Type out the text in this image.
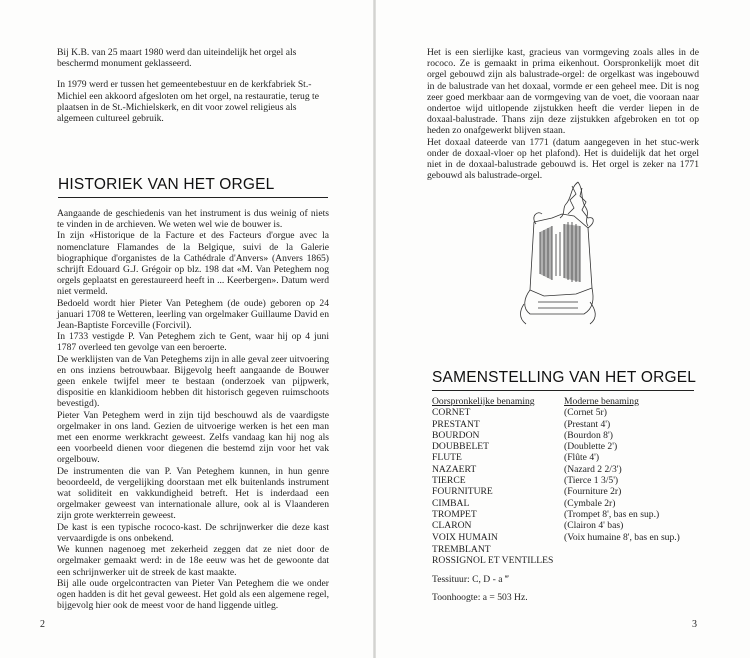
Bij K.B. van 25 maart 1980 werd dan uiteindelijk het orgel als beschermd monument geklasseerd.

In 1979 werd er tussen het gemeentebestuur en de kerkfabriek St.-Michiel een akkoord afgesloten om het orgel, na restauratie, terug te plaatsen in de St.-Michielskerk, en dit voor zowel religieus als algemeen cultureel gebruik.

HISTORIEK VAN HET ORGEL

Aangaande de geschiedenis van het instrument is dus weinig of niets te vinden in de archieven. We weten wel wie de bouwer is.

In zijn «Historique de la Facture et des Facteurs d'orgue avec la nomenclature Flamandes de la Belgique, suivi de la Galerie biographique d'organistes de la Cathédrale d'Anvers» (Anvers 1865) schrijft Edouard G.J. Grégoir op blz. 198 dat «M. Van Peteghem nog orgels geplaatst en gerestaureerd heeft in ... Keerbergen». Datum werd niet vermeld.

Bedoeld wordt hier Pieter Van Peteghem (de oude) geboren op 24 januari 1708 te Wetteren, leerling van orgelmaker Guillaume David en Jean-Baptiste Forceville (Forcivil).

In 1733 vestigde P. Van Peteghem zich te Gent, waar hij op 4 juni 1787 overleed ten gevolge van een beroerte.

De werklijsten van de Van Peteghems zijn in alle geval zeer uitvoering en ons inziens betrouwbaar. Bijgevolg heeft aangaande de Bouwer geen enkele twijfel meer te bestaan (onderzoek van pijpwerk, dispositie en klankidioom hebben dit historisch gegeven ruimschoots bevestigd).

Pieter Van Peteghem werd in zijn tijd beschouwd als de vaardigste orgelmaker in ons land. Gezien de uitvoerige werken is het een man met een enorme werkkracht geweest. Zelfs vandaag kan hij nog als een voorbeeld dienen voor diegenen die bestemd zijn voor het vak orgelbouw.

De instrumenten die van P. Van Peteghem kunnen, in hun genre beoordeeld, de vergelijking doorstaan met elk buitenlands instrument wat soliditeit en vakkundigheid betreft. Het is inderdaad een orgelmaker geweest van internationale allure, ook al is Vlaanderen zijn grote werkterrein geweest.

De kast is een typische rococo-kast. De schrijnwerker die deze kast vervaardigde is ons onbekend.

We kunnen nagenoeg met zekerheid zeggen dat ze niet door de orgelmaker gemaakt werd: in de 18e eeuw was het de gewoonte dat een schrijnwerker uit de streek de kast maakte.

Bij alle oude orgelcontracten van Pieter Van Peteghem die we onder ogen hadden is dit het geval geweest. Het gold als een algemene regel, bijgevolg hier ook de meest voor de hand liggende uitleg.

2

Het is een sierlijke kast, gracieus van vormgeving zoals alles in de rococo. Ze is gemaakt in prima eikenhout. Oorspronkelijk moet dit orgel gebouwd zijn als balustrade-orgel: de orgelkast was ingebouwd in de balustrade van het doxaal, vormde er een geheel mee. Dit is nog zeer goed merkbaar aan de vormgeving van de voet, die vooraan naar ondertoe wijd uitlopende zijstukken heeft die verder liepen in de doxaal-balustrade. Thans zijn deze zijstukken afgebroken en tot op heden zo onafgewerkt blijven staan.

Het doxaal dateerde van 1771 (datum aangegeven in het stuc-werk onder de doxaal-vloer op het plafond). Het is duidelijk dat het orgel niet in de doxaal-balustrade gebouwd is. Het orgel is zeker na 1771 gebouwd als balustrade-orgel.

SAMENSTELLING VAN HET ORGEL
Oorspronkelijke benaming	Moderne benaming
CORNET	(Cornet 5r)
PRESTANT	(Prestant 4')
BOURDON	(Bourdon 8')
DOUBBELET	(Doublette 2')
FLUTE	(Flûte 4')
NAZAERT	(Nazard 2 2/3')
TIERCE	(Tierce 1 3/5')
FOURNITURE	(Fourniture 2r)
CIMBAL	(Cymbale 2r)
TROMPET	(Trompet 8', bas en sup.)
CLARON	(Clairon 4' bas)
VOIX HUMAIN	(Voix humaine 8', bas en sup.)
TREMBLANT
ROSSIGNOL ET VENTILLES
Tessituur: C, D - a ‴
Toonhoogte: a = 503 Hz.
3
